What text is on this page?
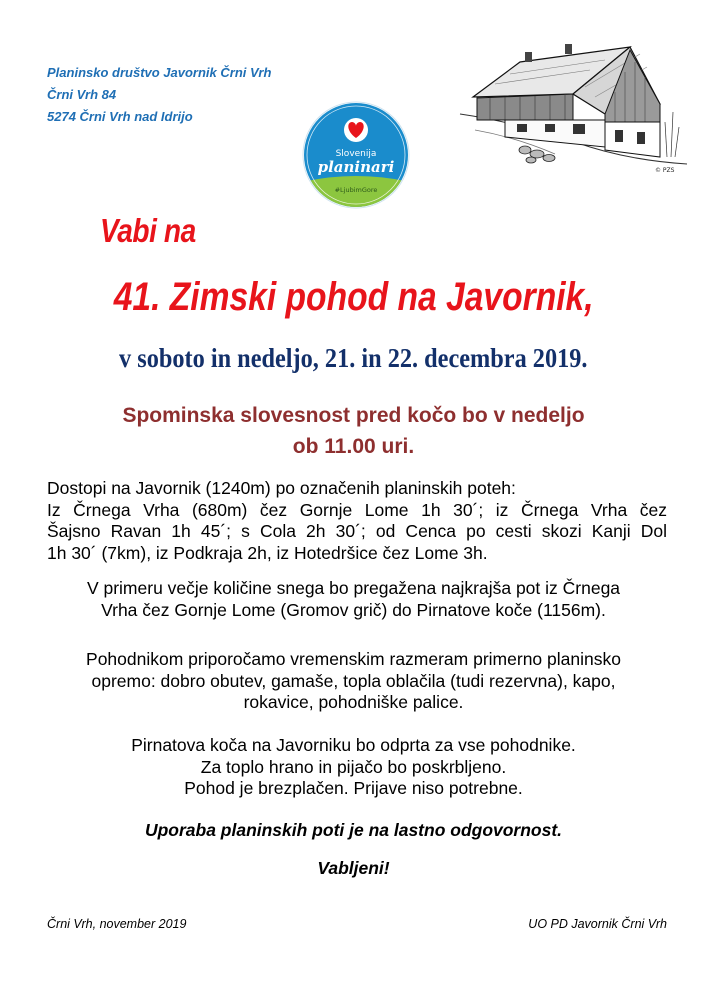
Planinsko društvo Javornik Črni Vrh
Črni Vrh 84
5274 Črni Vrh nad Idrijo
Slovenija
planinari
#LjubimGore
© PZS
Vabi na
41. Zimski pohod na Javornik,
v soboto in nedeljo, 21. in 22. decembra 2019.
Spominska slovesnost pred kočo bo v nedeljo
ob 11.00 uri.
Dostopi na Javornik (1240m) po označenih planinskih poteh:
Iz Črnega Vrha (680m) čez Gornje Lome 1h 30´; iz Črnega Vrha čez
Šajsno Ravan 1h 45´; s Cola 2h 30´; od Cenca po cesti skozi Kanji Dol
1h 30´ (7km), iz Podkraja 2h, iz Hotedršice čez Lome 3h.
V primeru večje količine snega bo pregažena najkrajša pot iz Črnega
Vrha čez Gornje Lome (Gromov grič) do Pirnatove koče (1156m).
Pohodnikom priporočamo vremenskim razmeram primerno planinsko
opremo: dobro obutev, gamaše, topla oblačila (tudi rezervna), kapo,
rokavice, pohodniške palice.
Pirnatova koča na Javorniku bo odprta za vse pohodnike.
Za toplo hrano in pijačo bo poskrbljeno.
Pohod je brezplačen. Prijave niso potrebne.
Uporaba planinskih poti je na lastno odgovornost.
Vabljeni!
Črni Vrh, november 2019	UO PD Javornik Črni Vrh
